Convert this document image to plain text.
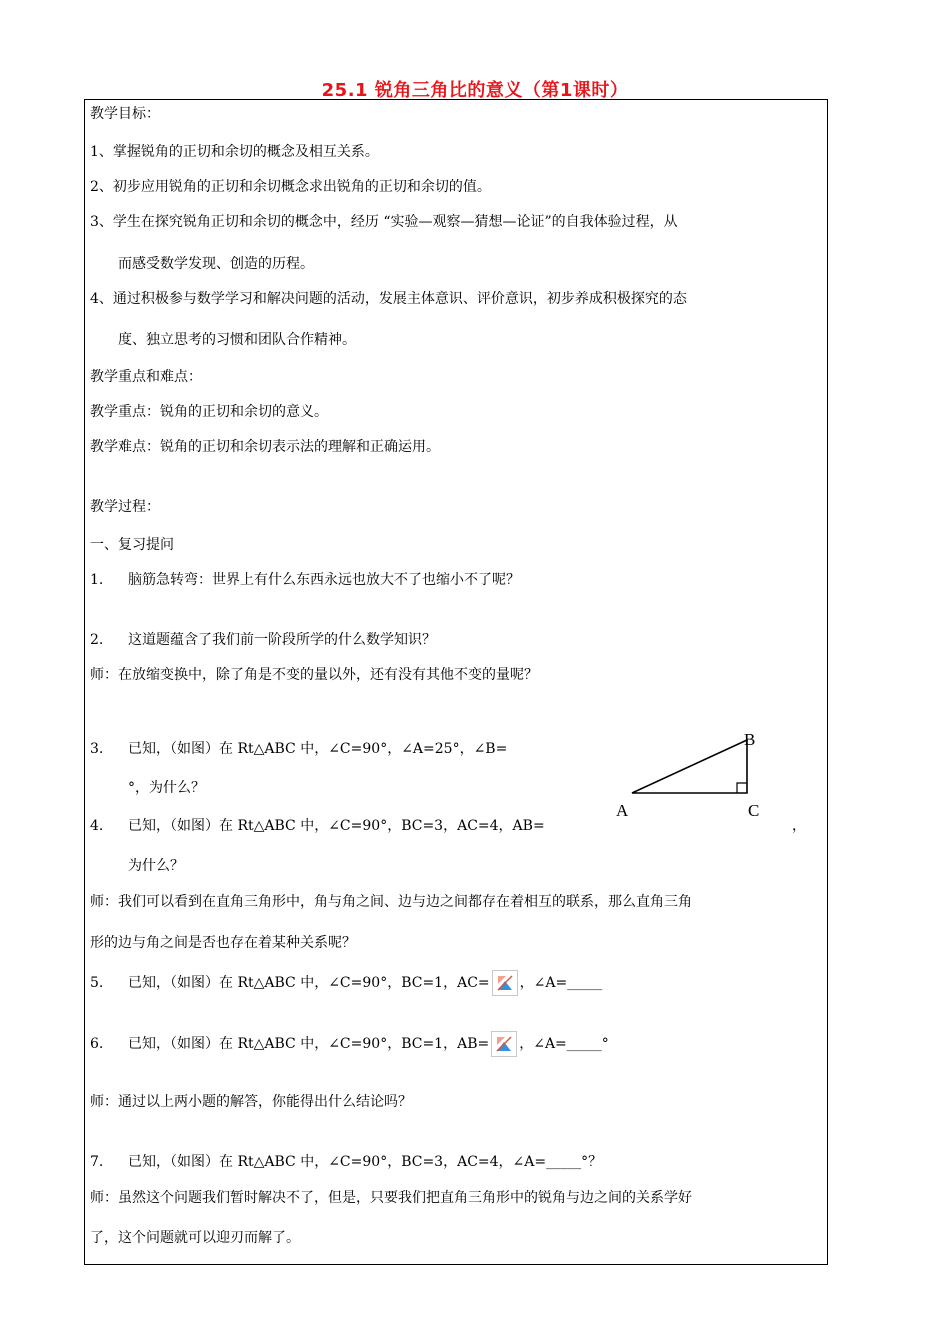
25.1 锐角三角比的意义（第1课时）
教学目标：
1、掌握锐角的正切和余切的概念及相互关系。
2、初步应用锐角的正切和余切概念求出锐角的正切和余切的值。
3、学生在探究锐角正切和余切的概念中，经历 “实验—观察—猜想—论证”的自我体验过程，从
而感受数学发现、创造的历程。
4、通过积极参与数学学习和解决问题的活动，发展主体意识、评价意识，初步养成积极探究的态
度、独立思考的习惯和团队合作精神。
教学重点和难点：
教学重点：锐角的正切和余切的意义。
教学难点：锐角的正切和余切表示法的理解和正确运用。
教学过程：
一、复习提问
1. 脑筋急转弯：世界上有什么东西永远也放大不了也缩小不了呢？
2. 这道题蕴含了我们前一阶段所学的什么数学知识？
师：在放缩变换中，除了角是不变的量以外，还有没有其他不变的量呢？
3. 已知，（如图）在 Rt△ABC 中，∠C=90°，∠A=25°，∠B=
°，为什么？
4. 已知，（如图）在 Rt△ABC 中，∠C=90°，BC=3，AC=4，AB=	，
为什么？
师：我们可以看到在直角三角形中，角与角之间、边与边之间都存在着相互的联系，那么直角三角
形的边与角之间是否也存在着某种关系呢？
5. 已知，（如图）在 Rt△ABC 中，∠C=90°，BC=1，AC= ，∠A=_____
6. 已知，（如图）在 Rt△ABC 中，∠C=90°，BC=1，AB= ，∠A=_____°
师：通过以上两小题的解答，你能得出什么结论吗？
7. 已知，（如图）在 Rt△ABC 中，∠C=90°，BC=3，AC=4，∠A=_____°？
师：虽然这个问题我们暂时解决不了，但是，只要我们把直角三角形中的锐角与边之间的关系学好
了，这个问题就可以迎刃而解了。
A
B
C
